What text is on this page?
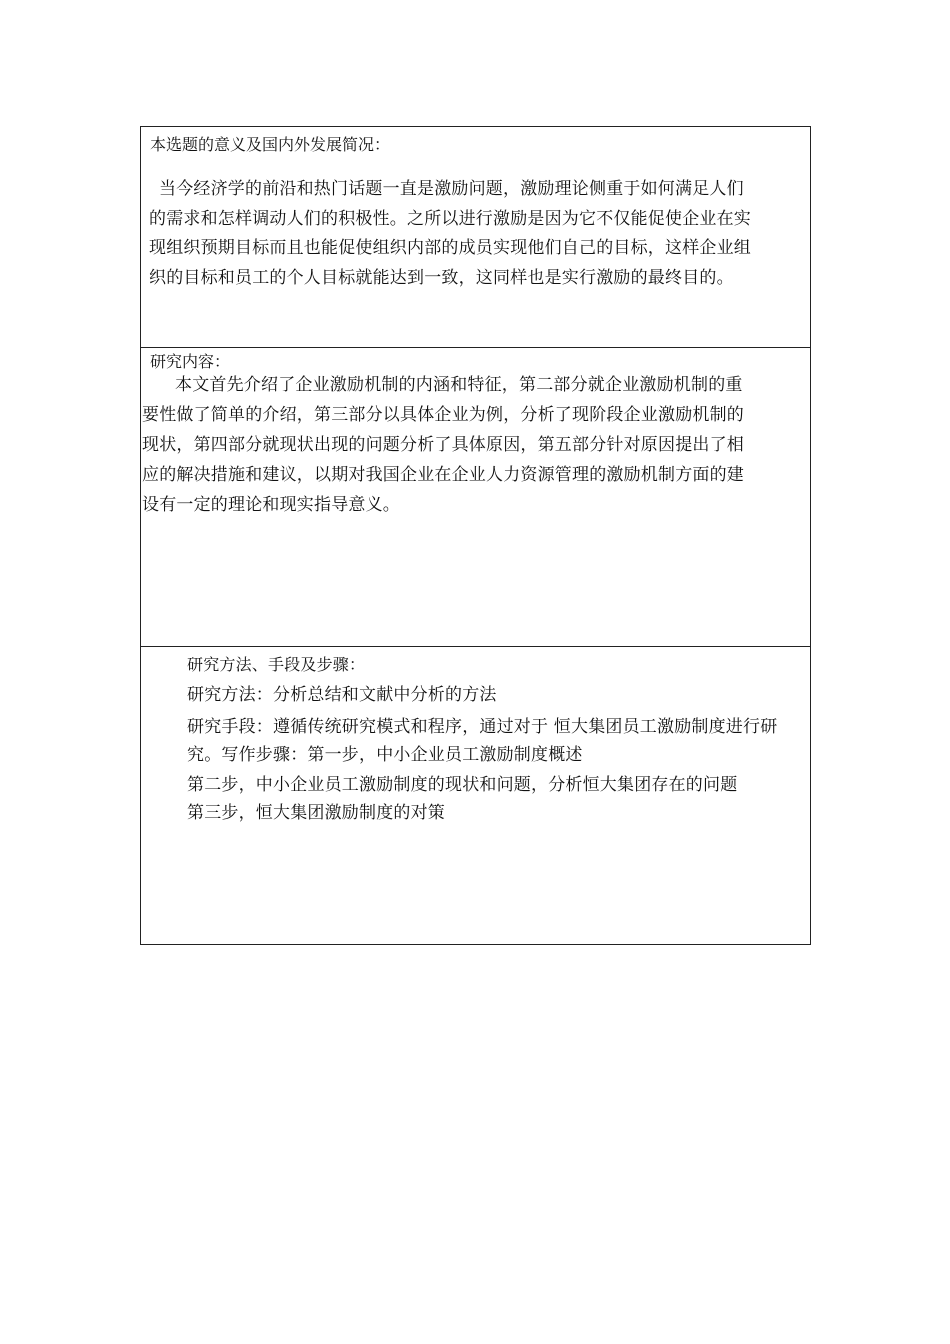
本选题的意义及国内外发展简况：
当今经济学的前沿和热门话题一直是激励问题，激励理论侧重于如何满足人们
的需求和怎样调动人们的积极性。之所以进行激励是因为它不仅能促使企业在实
现组织预期目标而且也能促使组织内部的成员实现他们自己的目标，这样企业组
织的目标和员工的个人目标就能达到一致，这同样也是实行激励的最终目的。
研究内容：
本文首先介绍了企业激励机制的内涵和特征，第二部分就企业激励机制的重
要性做了简单的介绍，第三部分以具体企业为例，分析了现阶段企业激励机制的
现状，第四部分就现状出现的问题分析了具体原因，第五部分针对原因提出了相
应的解决措施和建议，以期对我国企业在企业人力资源管理的激励机制方面的建
设有一定的理论和现实指导意义。
研究方法、手段及步骤：
研究方法：分析总结和文献中分析的方法
研究手段：遵循传统研究模式和程序，通过对于 恒大集团员工激励制度进行研
究。写作步骤：第一步，中小企业员工激励制度概述
第二步，中小企业员工激励制度的现状和问题，分析恒大集团存在的问题
第三步，恒大集团激励制度的对策
